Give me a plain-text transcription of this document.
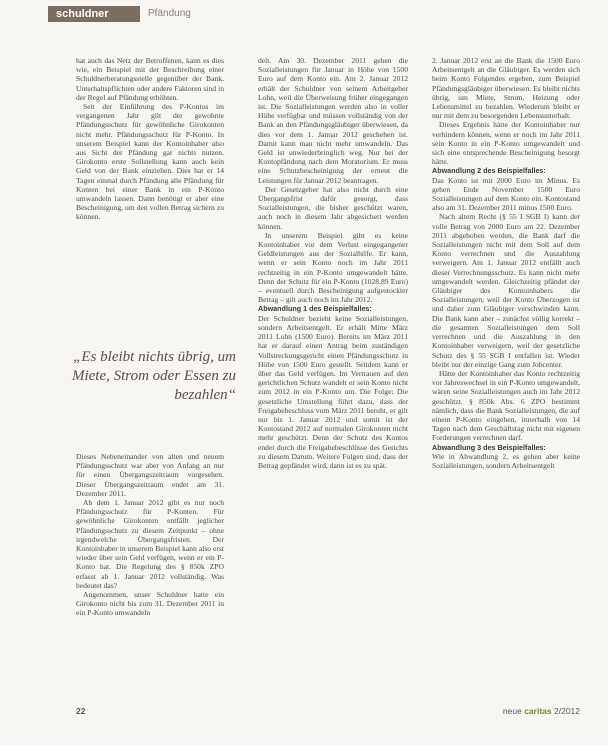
schuldner	Pfändung

hat auch das Netz der Betroffenen, kann es dies wie, ein Beispiel mit der Beschreibung einer Schuldnerberatungsstelle gegenüber der Bank. Unterhaltspflichten oder andere Faktoren sind in der Regel auf Pfändung erhöhten.

Seit der Einführung des P-Kontos im vergangenen Jahr gilt der gewohnte Pfändungsschutz für gewöhnliche Girokonten nicht mehr. Pfändungsschutz für P-Konto. In unserem Beispiel kann der Kontoinhaber also aus Sicht der Pfändung gar nichts nutzen. Girokonto erste Sollstellung kann auch kein Geld von der Bank einziehen. Dies hat er 14 Tagen einmal durch Pfändung alle Pfändung für Konten bei einer Bank in ein P-Konto umwandeln lassen. Dann benötigt er aber eine Bescheinigung, um den vollen Betrag sichern zu können.

„Es bleibt nichts übrig, um Miete, Strom oder Essen zu bezahlen“

Dieses Nebeneinander von alten und neuem Pfändungsschutz war aber von Anfang an nur für einen Übergangszeitraum vorgesehen. Dieser Übergangszeitraum endet am 31. Dezember 2011.

Ab dem 1. Januar 2012 gibt es nur noch Pfändungsschutz für P-Konten. Für gewöhnliche Girokonten entfällt jeglicher Pfändungsschutz zu diesem Zeitpunkt – ohne irgendwelche Übergangsfristen. Der Kontoinhaber in unserem Beispiel kann also erst wieder über sein Geld verfügen, wenn er ein P-Konto hat. Die Regelung des § 850k ZPO erfasst ab 1. Januar 2012 vollständig. Was bedeutet das?

Angenommen, unser Schuldner hatte ein Girokonto nicht bis zum 31. Dezember 2011 in ein P-Konto umwandeln

delt. Am 30. Dezember 2011 gehen die Sozialleistungen für Januar in Höhe von 1500 Euro auf dem Konto ein. Am 2. Januar 2012 erhält der Schuldner von seinem Arbeitgeber Lohn, weil die Überweisung früher eingegangen ist. Die Sozialleistungen werden also in voller Höhe verfügbar und müssen vollständig von der Bank an den Pfändungsgläubiger überwiesen, da dies vor dem 1. Januar 2012 geschehen ist. Damit kann man nicht mehr umwandeln. Das Geld ist unwiederbringlich weg. Nur bei der Kontopfändung nach dem Moratorium. Er muss eine Schutzbescheinigung der erneut die Leistungen für Januar 2012 beantragen.

Der Gesetzgeber hat also nicht durch eine Übergangsfrist dafür gesorgt, dass Sozialleistungen, die bisher geschützt waren, auch noch in diesem Jahr abgesichert werden können.

In unserem Beispiel gibt es keine Kontoinhaber vor dem Verlust eingegangener Geldleistungen aus der Sozialhilfe. Er kann, wenn er sein Konto noch im Jahr 2011 rechtzeitig in ein P-Konto umgewandelt hätte. Denn der Schutz für ein P-Konto (1028,89 Euro) – eventuell durch Bescheinigung aufgestockter Betrag – gilt auch noch im Jahr 2012.

Abwandlung 1 des Beispielfalles:

Der Schuldner bezieht keine Sozialleistungen, sondern Arbeitsentgelt. Er erhält Mitte März 2011 Lohn (1500 Euro). Bereits im März 2011 hat er darauf einen Antrag beim zuständigen Vollstreckungsgericht einen Pfändungsschutz in Höhe von 1500 Euro gestellt. Seitdem kann er über das Geld verfügen. Im Vertrauen auf den gerichtlichen Schutz wandelt er sein Konto nicht zum 2012 in ein P-Konto um. Die Folge: Die gesetzliche Umstellung führt dazu, dass der Freigabebeschluss vom März 2011 beruht, er gilt nur bis 1. Januar 2012 und somit ist der Kontostand 2012 auf normalen Girokonten nicht mehr geschützt. Denn der Schutz des Kontos endet durch die Freigabebeschlüsse des Gerichts zu diesem Datum. Weitere Folgen sind, dass der Betrag gepfändet wird, dann ist es zu spät.

2. Januar 2012 erst an die Bank die 1500 Euro Arbeitsentgelt an die Gläubiger. Es werden sich beim Konto Folgendes ergeben, zum Beispiel Pfändungsgläubiger überwiesen. Es bleibt nichts übrig, um Miete, Strom, Heizung oder Lebensmittel zu bezahlen. Wiederum bleibt er nur mit dem zu besorgenden Lebensunterhalt.

Dieses Ergebnis hätte der Kontoinhaber nur verhindern können, wenn er noch im Jahr 2011 sein Konto in ein P-Konto umgewandelt und sich eine entsprechende Bescheinigung besorgt hätte.

Abwandlung 2 des Beispielfalles:

Das Konto ist mit 2000 Euro im Minus. Es gehen Ende November 1500 Euro Sozialleistungen auf dem Konto ein. Kontostand also am 31. Dezember 2011 minus 1500 Euro.

Nach altem Recht (§ 55 I SGB I) kann der volle Betrag von 2000 Euro am 22. Dezember 2011 abgehoben werden, die Bank darf die Sozialleistungen nicht mit dem Soll auf dem Konto verrechnen und die Auszahlung verweigern. Am 1. Januar 2012 entfällt auch dieser Verrechnungsschutz. Es kann nicht mehr umgewandelt werden. Gleichzeitig pfändet der Gläubiger des Kontoinhabers die Sozialleistungen, weil der Konto Überzogen ist und daher zum Gläubiger verschwinden kann. Die Bank kann aber – zunächst völlig korrekt – die gesamten Sozialleistungen dem Soll verrechnen und die Auszahlung in den Kontoinhaber verweigern, weil der gesetzliche Schutz des § 55 SGB I entfallen ist. Wieder bleibt nur der einzige Gang zum Jobcenter.

Hätte der Kontoinhaber das Konto rechtzeitig vor Jahreswechsel in ein P-Konto umgewandelt, wären seine Sozialleistungen auch im Jahr 2012 geschützt. § 850k Abs. 6 ZPO bestimmt nämlich, dass die Bank Sozialleistungen, die auf einem P-Konto eingehen, innerhalb von 14 Tagen nach dem Geschäftstag nicht mit eigenen Forderungen verrechnen darf.

Abwandlung 3 des Beispielfalles:

Wie in Abwandlung 2, es gehen aber keine Sozialleistungen, sondern Arbeitsentgelt

22	neue caritas 2/2012
